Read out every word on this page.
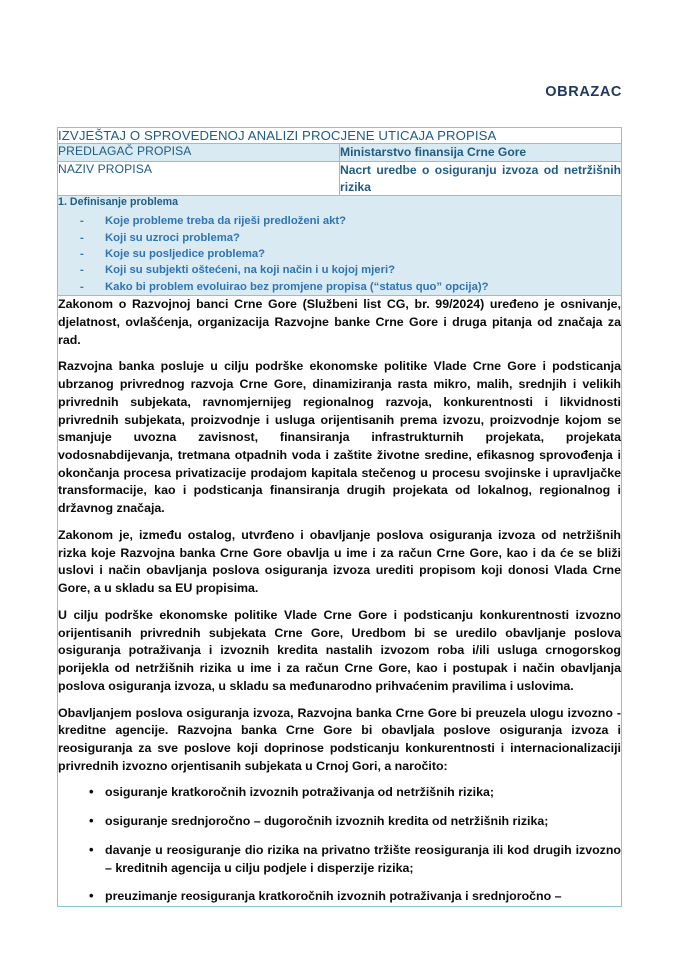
OBRAZAC
IZVJEŠTAJ O SPROVEDENOJ ANALIZI PROCJENE UTICAJA PROPISA	

PREDLAGAČ PROPISA	Ministarstvo finansija Crne Gore

NAZIV PROPISA	Nacrt uredbe o osiguranju izvoza od netržišnih rizika

1. Definisanje problema
- Koje probleme treba da riješi predloženi akt?
- Koji su uzroci problema?
- Koje su posljedice problema?
- Koji su subjekti oštećeni, na koji način i u kojoj mjeri?
- Kako bi problem evoluirao bez promjene propisa (“status quo” opcija)?

Zakonom o Razvojnoj banci Crne Gore (Službeni list CG, br. 99/2024) uređeno je osnivanje, djelatnost, ovlašćenja, organizacija Razvojne banke Crne Gore i druga pitanja od značaja za rad.

Razvojna banka posluje u cilju podrške ekonomske politike Vlade Crne Gore i podsticanja ubrzanog privrednog razvoja Crne Gore, dinamiziranja rasta mikro, malih, srednjih i velikih privrednih subjekata, ravnomjernijeg regionalnog razvoja, konkurentnosti i likvidnosti privrednih subjekata, proizvodnje i usluga orijentisanih prema izvozu, proizvodnje kojom se smanjuje uvozna zavisnost, finansiranja infrastrukturnih projekata, projekata vodosnabdijevanja, tretmana otpadnih voda i zaštite životne sredine, efikasnog sprovođenja i okončanja procesa privatizacije prodajom kapitala stečenog u procesu svojinske i upravljačke transformacije, kao i podsticanja finansiranja drugih projekata od lokalnog, regionalnog i državnog značaja.

Zakonom je, između ostalog, utvrđeno i obavljanje poslova osiguranja izvoza od netržišnih rizka koje Razvojna banka Crne Gore obavlja u ime i za račun Crne Gore, kao i da će se bliži uslovi i način obavljanja poslova osiguranja izvoza urediti propisom koji donosi Vlada Crne Gore, a u skladu sa EU propisima.

U cilju podrške ekonomske politike Vlade Crne Gore i podsticanju konkurentnosti izvozno orijentisanih privrednih subjekata Crne Gore, Uredbom bi se uredilo obavljanje poslova osiguranja potraživanja i izvoznih kredita nastalih izvozom roba i/ili usluga crnogorskog porijekla od netržišnih rizika u ime i za račun Crne Gore, kao i postupak i način obavljanja poslova osiguranja izvoza, u skladu sa međunarodno prihvaćenim pravilima i uslovima.

Obavljanjem poslova osiguranja izvoza, Razvojna banka Crne Gore bi preuzela ulogu izvozno - kreditne agencije. Razvojna banka Crne Gore bi obavljala poslove osiguranja izvoza i reosiguranja za sve poslove koji doprinose podsticanju konkurentnosti i internacionalizaciji privrednih izvozno orjentisanih subjekata u Crnoj Gori, a naročito:

• osiguranje kratkoročnih izvoznih potraživanja od netržišnih rizika;
• osiguranje srednjoročno – dugoročnih izvoznih kredita od netržišnih rizika;
• davanje u reosiguranje dio rizika na privatno tržište reosiguranja ili kod drugih izvozno – kreditnih agencija u cilju podjele i disperzije rizika;
• preuzimanje reosiguranja kratkoročnih izvoznih potraživanja i srednjoročno –
